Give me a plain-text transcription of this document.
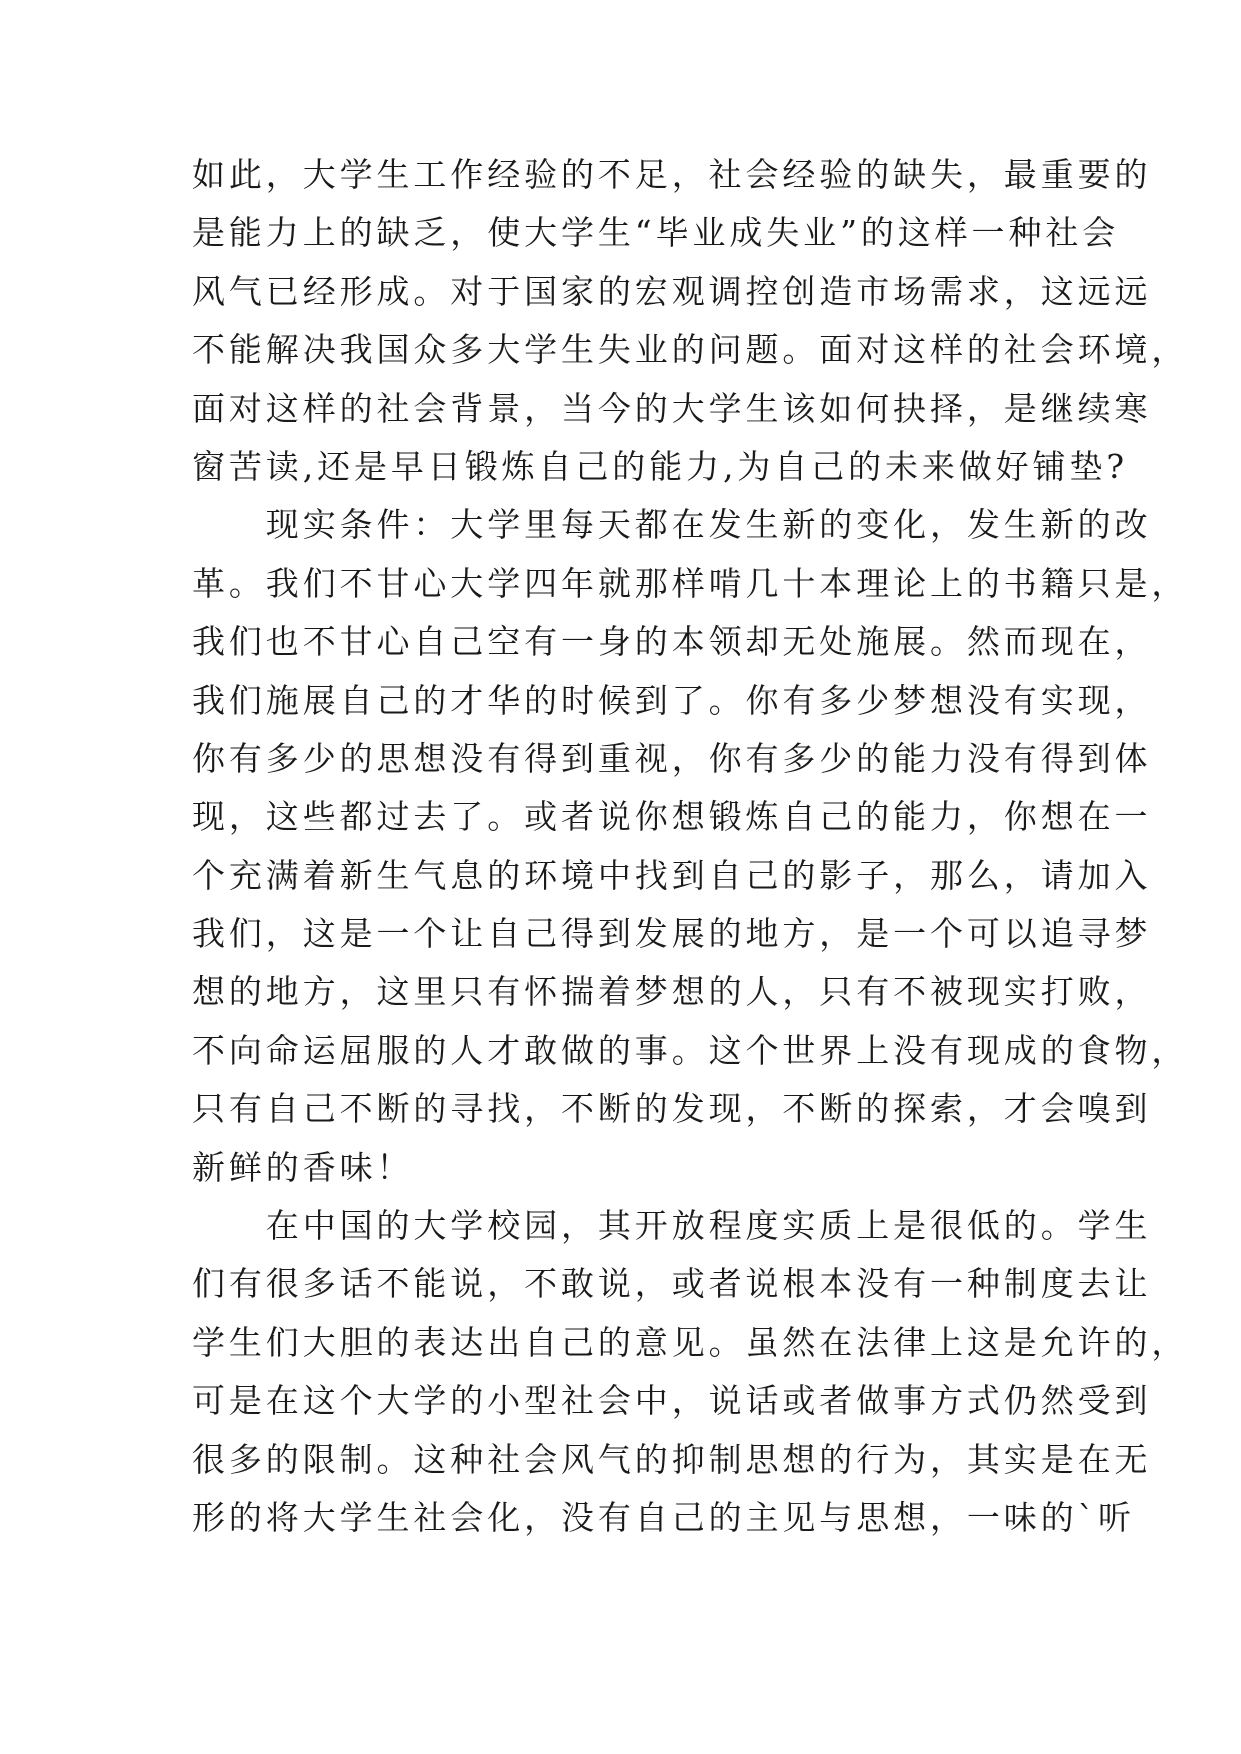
如此，大学生工作经验的不足，社会经验的缺失，最重要的
是能力上的缺乏，使大学生“毕业成失业”的这样一种社会
风气已经形成。对于国家的宏观调控创造市场需求，这远远
不能解决我国众多大学生失业的问题。面对这样的社会环境，
面对这样的社会背景，当今的大学生该如何抉择，是继续寒
窗苦读,还是早日锻炼自己的能力,为自己的未来做好铺垫?
　　现实条件：大学里每天都在发生新的变化，发生新的改
革。我们不甘心大学四年就那样啃几十本理论上的书籍只是，
我们也不甘心自己空有一身的本领却无处施展。然而现在，
我们施展自己的才华的时候到了。你有多少梦想没有实现，
你有多少的思想没有得到重视，你有多少的能力没有得到体
现，这些都过去了。或者说你想锻炼自己的能力，你想在一
个充满着新生气息的环境中找到自己的影子，那么，请加入
我们，这是一个让自己得到发展的地方，是一个可以追寻梦
想的地方，这里只有怀揣着梦想的人，只有不被现实打败，
不向命运屈服的人才敢做的事。这个世界上没有现成的食物，
只有自己不断的寻找，不断的发现，不断的探索，才会嗅到
新鲜的香味！
　　在中国的大学校园，其开放程度实质上是很低的。学生
们有很多话不能说，不敢说，或者说根本没有一种制度去让
学生们大胆的表达出自己的意见。虽然在法律上这是允许的，
可是在这个大学的小型社会中，说话或者做事方式仍然受到
很多的限制。这种社会风气的抑制思想的行为，其实是在无
形的将大学生社会化，没有自己的主见与思想，一味的`听
